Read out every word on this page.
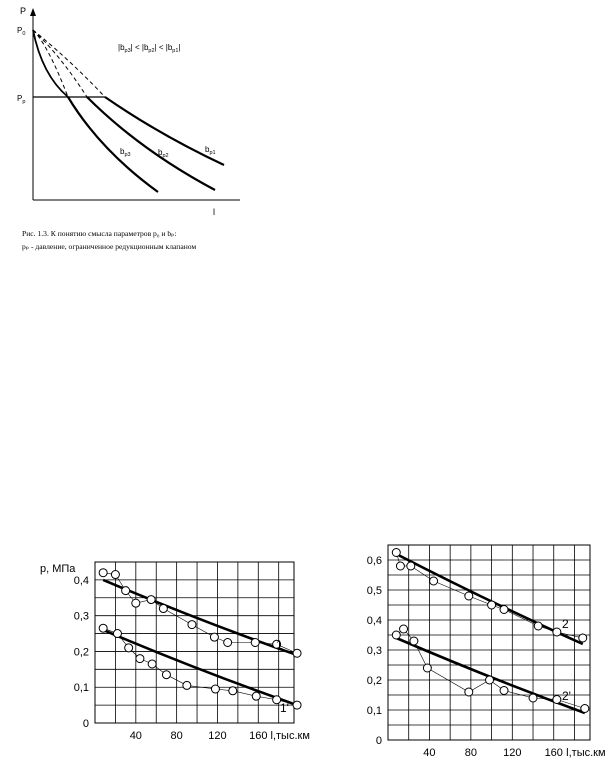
P
l
$P_0$
$P_р$
$|b_{р3}| < |b_{р2}| < |b_{р1}|$
$b_{р1}$
$b_{р2}$
$b_{р3}$
Рис. 1.3. К понятию смысла параметров p₀ и bₚ:
pₚ - давление, ограниченное редукционным клапаном
0
0,1
0,2
0,3
0,4
40	80 120 160 l,тыс.км
1
1'
p, МПа
0
0,1
0,2
0,3
0,4
0,5
0,6
40	80 120 160 l,тыс.км
2
2'
